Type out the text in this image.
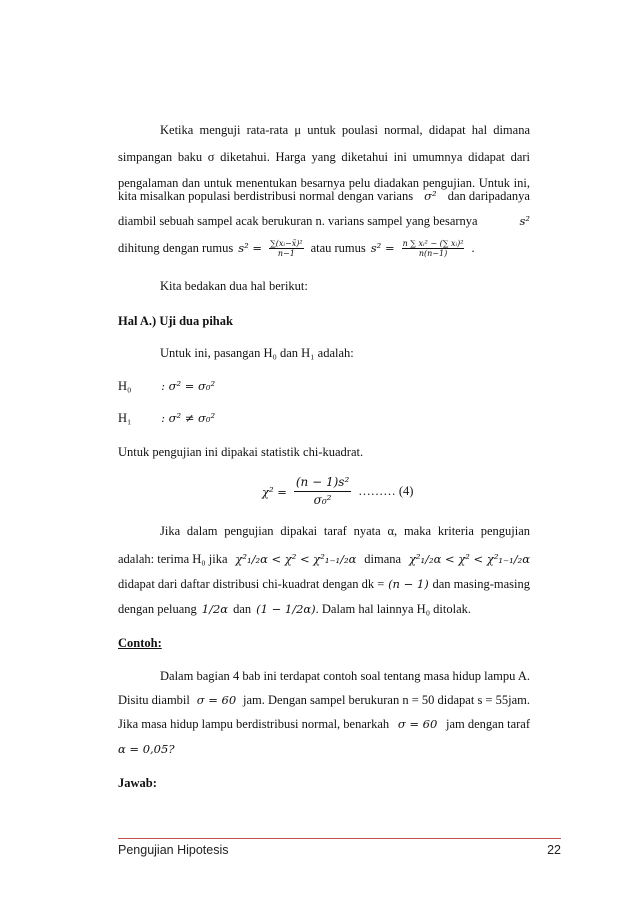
Ketika menguji rata-rata μ untuk poulasi normal, didapat hal dimana
simpangan baku σ diketahui. Harga yang diketahui ini umumnya didapat dari
pengalaman dan untuk menentukan besarnya pelu diadakan pengujian. Untuk ini,
kita misalkan populasi berdistribusi normal dengan varians σ² dan daripadanya
diambil sebuah sampel acak berukuran n. varians sampel yang besarnya	s²
dihitung dengan rumus $s^2 = \frac{\text{∑(xᵢ−x̄)²}}{n-1}$ atau rumus $s^2 = \frac{\text{n ∑ xᵢ² − (∑ xᵢ)²}}{n(n-1)}$ .
Kita bedakan dua hal berikut:
Hal A.) Uji dua pihak
Untuk ini, pasangan H₀ dan H₁ adalah:
H₀	: σ² = σ₀²
H₁	: σ² ≠ σ₀²
Untuk pengujian ini dipakai statistik chi-kuadrat.
$\chi^2 = \frac{\text{(n − 1)s²}}{\text{σ₀²}}$ ……… (4)
Jika dalam pengujian dipakai taraf nyata α, maka kriteria pengujian
adalah: terima H₀ jika χ²₁/₂α < χ² < χ²₁₋₁/₂α dimana χ²₁/₂α < χ² < χ²₁₋₁/₂α
didapat dari daftar distribusi chi-kuadrat dengan dk = (n − 1) dan masing-masing
dengan peluang 1/2α dan (1 − 1/2α) . Dalam hal lainnya H₀ ditolak.
Contoh:
Dalam bagian 4 bab ini terdapat contoh soal tentang masa hidup lampu A.
Disitu diambil σ = 60 jam. Dengan sampel berukuran n = 50 didapat s = 55jam.
Jika masa hidup lampu berdistribusi normal, benarkah σ = 60 jam dengan taraf
α = 0,05?
Jawab:
Pengujian Hipotesis	22
